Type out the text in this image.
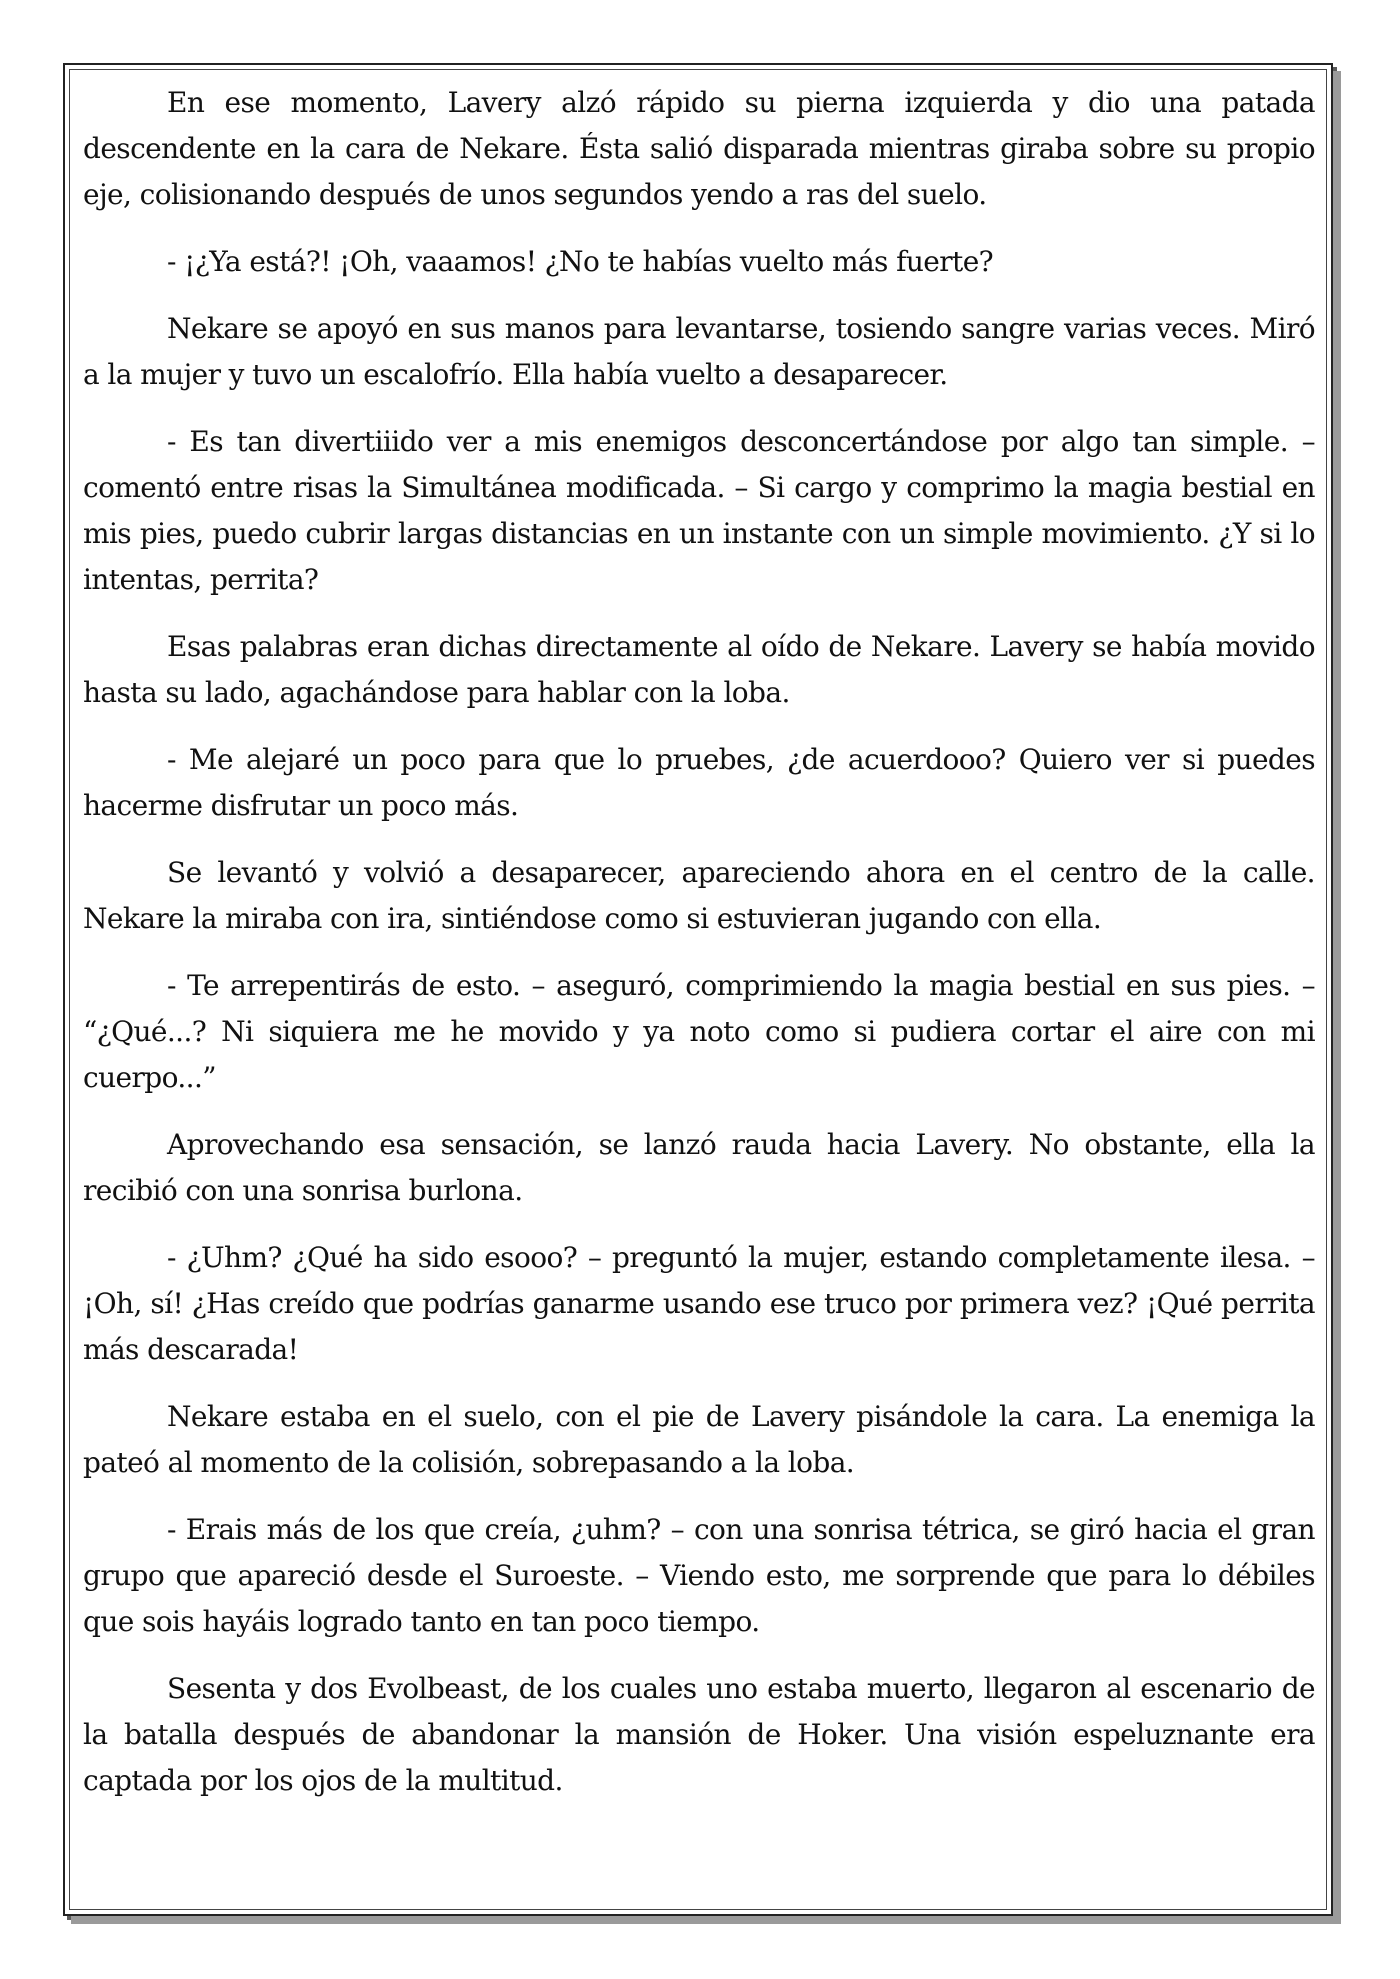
En ese momento, Lavery alzó rápido su pierna izquierda y dio una patada descendente en la cara de Nekare. Ésta salió disparada mientras giraba sobre su propio eje, colisionando después de unos segundos yendo a ras del suelo.

- ¡¿Ya está?! ¡Oh, vaaamos! ¿No te habías vuelto más fuerte?

Nekare se apoyó en sus manos para levantarse, tosiendo sangre varias veces. Miró a la mujer y tuvo un escalofrío. Ella había vuelto a desaparecer.

- Es tan divertiiido ver a mis enemigos desconcertándose por algo tan simple. – comentó entre risas la Simultánea modificada. – Si cargo y comprimo la magia bestial en mis pies, puedo cubrir largas distancias en un instante con un simple movimiento. ¿Y si lo intentas, perrita?

Esas palabras eran dichas directamente al oído de Nekare. Lavery se había movido hasta su lado, agachándose para hablar con la loba.

- Me alejaré un poco para que lo pruebes, ¿de acuerdooo? Quiero ver si puedes hacerme disfrutar un poco más.

Se levantó y volvió a desaparecer, apareciendo ahora en el centro de la calle. Nekare la miraba con ira, sintiéndose como si estuvieran jugando con ella.

- Te arrepentirás de esto. – aseguró, comprimiendo la magia bestial en sus pies. – “¿Qué...? Ni siquiera me he movido y ya noto como si pudiera cortar el aire con mi cuerpo...”

Aprovechando esa sensación, se lanzó rauda hacia Lavery. No obstante, ella la recibió con una sonrisa burlona.

- ¿Uhm? ¿Qué ha sido esooo? – preguntó la mujer, estando completamente ilesa. – ¡Oh, sí! ¿Has creído que podrías ganarme usando ese truco por primera vez? ¡Qué perrita más descarada!

Nekare estaba en el suelo, con el pie de Lavery pisándole la cara. La enemiga la pateó al momento de la colisión, sobrepasando a la loba.

- Erais más de los que creía, ¿uhm? – con una sonrisa tétrica, se giró hacia el gran grupo que apareció desde el Suroeste. – Viendo esto, me sorprende que para lo débiles que sois hayáis logrado tanto en tan poco tiempo.

Sesenta y dos Evolbeast, de los cuales uno estaba muerto, llegaron al escenario de la batalla después de abandonar la mansión de Hoker. Una visión espeluznante era captada por los ojos de la multitud.
